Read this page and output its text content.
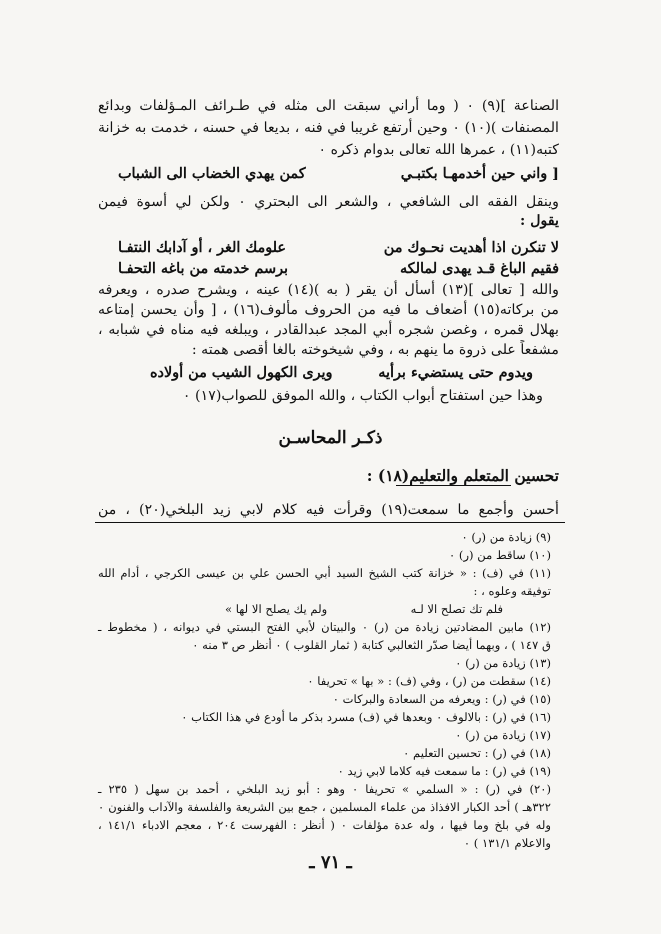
الصناعة ](٩) ٠ ( وما أراني سبقت الى مثله في طـرائف المـؤلفات وبدائع
المصنفات )(١٠) ٠ وحين أرتفع غريبا في فنه ، بديعا في حسنه ، خدمت به خزانة
كتبه(١١) ، عمرها الله تعالى بدوام ذكره ٠
[ واني حين أخدمهـا بكتبـي
كمن يهدي الخضاب الى الشباب
وينقل الفقه الى الشافعي ، والشعر الى البحتري ٠ ولكن لي أسوة فيمن
يقول :
لا تنكرن اذا أهديت نحـوك من
علومك الغر ، أو آدابك النتفـا
فقيم الباغ قـد يهدى لمالكه
برسم خدمته من باغه التحفـا
والله [ تعالى ](١٣) أسأل أن يقر ( به )(١٤) عينه ، ويشرح صدره ، ويعرفه
من بركاته(١٥) أضعاف ما فيه من الحروف مألوف(١٦) ، [ وأن يحسن إمتاعه
بهلال قمره ، وغصن شجره أبي المجد عبدالقادر ، ويبلغه فيه مناه في شبابه ،
مشفعاً على ذروة ما ينهم به ، وفي شيخوخته بالغا أقصى همته :
ويدوم حتى يستضيء برأيه
ويرى الكهول الشيب من أولاده
وهذا حين استفتاح أبواب الكتاب ، والله الموفق للصواب(١٧) ٠
ذكـر المحاسـن
تحسين المتعلم والتعليم(١٨) :
أحسن وأجمع ما سمعت(١٩) وقرأت فيه كلام لابي زيد البلخي(٢٠) ، من
(٩) زيادة من (ر) ٠
(١٠) ساقط من (ر) ٠
(١١) في (ف) : « خزانة كتب الشيخ السيد أبي الحسن علي بن عيسى الكرجي ، أدام الله
توفيقه وعلوه ، :
فلم تك تصلح الا لـه
ولم يك يصلح الا لها »
(١٢) مابين المضادتين زيادة من (ر) ٠ والبيتان لأبي الفتح البستي في ديوانه ، ( مخطوط ـ
ق ١٤٧ ) ، وبهما أيضا صدّر الثعالبي كتابة ( ثمار القلوب ) ٠ أنظر ص ٣ منه ٠
(١٣) زيادة من (ر) ٠
(١٤) سقطت من (ر) ، وفي (ف) : « بها » تحريفا ٠
(١٥) في (ر) : ويعرفه من السعادة والبركات ٠
(١٦) في (ر) : بالالوف ٠ وبعدها في (ف) مسرد بذكر ما أودع في هذا الكتاب ٠
(١٧) زيادة من (ر) ٠
(١٨) في (ر) : تحسين التعليم ٠
(١٩) في (ر) : ما سمعت فيه كلاما لابي زيد ٠
(٢٠) في (ر) : « السلمي » تحريفا ٠ وهو : أبو زيد البلخي ، أحمد بن سهل ( ٢٣٥ ـ
٣٢٢هـ ) أحد الكبار الافذاذ من علماء المسلمين ، جمع بين الشريعة والفلسفة والآداب والفنون ٠
وله في بلخ وما فيها ، وله عدة مؤلفات ٠ ( أنظر : الفهرست ٢٠٤ ، معجم الادباء ١٤١/١ ،
والاعلام ١٣١/١ ) ٠
ـ ٧١ ـ
